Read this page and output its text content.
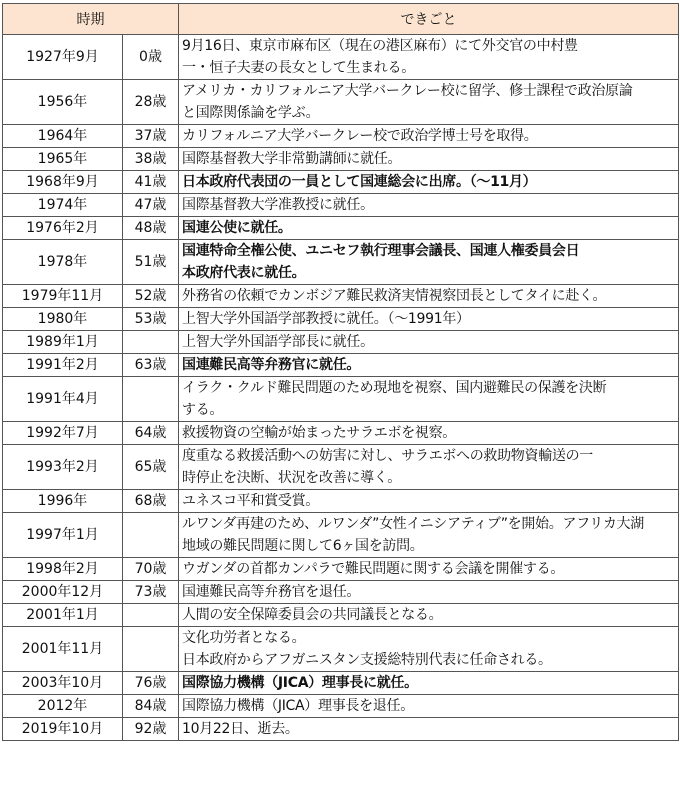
時期		できごと
1927年9月	0歳	9月16日、東京市麻布区（現在の港区麻布）にて外交官の中村豊
一・恒子夫妻の長女として生まれる。

1956年	28歳	アメリカ・カリフォルニア大学バークレー校に留学、修士課程で政治原論
と国際関係論を学ぶ。

1964年	37歳	カリフォルニア大学バークレー校で政治学博士号を取得。

1965年	38歳	国際基督教大学非常勤講師に就任。

1968年9月	41歳	日本政府代表団の一員として国連総会に出席。（～11月）

1974年	47歳	国際基督教大学准教授に就任。

1976年2月	48歳	国連公使に就任。

1978年	51歳	国連特命全権公使、ユニセフ執行理事会議長、国連人権委員会日
本政府代表に就任。

1979年11月	52歳	外務省の依頼でカンボジア難民救済実情視察団長としてタイに赴く。

1980年	53歳	上智大学外国語学部教授に就任。（～1991年）

1989年1月		上智大学外国語学部長に就任。

1991年2月	63歳	国連難民高等弁務官に就任。

1991年4月		イラク・クルド難民問題のため現地を視察、国内避難民の保護を決断
する。

1992年7月	64歳	救援物資の空輸が始まったサラエボを視察。

1993年2月	65歳	度重なる救援活動への妨害に対し、サラエボへの救助物資輸送の一
時停止を決断、状況を改善に導く。

1996年	68歳	ユネスコ平和賞受賞。

1997年1月		ルワンダ再建のため、ルワンダ”女性イニシアティブ”を開始。アフリカ大湖
地域の難民問題に関して6ヶ国を訪問。

1998年2月	70歳	ウガンダの首都カンパラで難民問題に関する会議を開催する。

2000年12月	73歳	国連難民高等弁務官を退任。

2001年1月		人間の安全保障委員会の共同議長となる。

2001年11月		文化功労者となる。
日本政府からアフガニスタン支援総特別代表に任命される。

2003年10月	76歳	国際協力機構（JICA）理事長に就任。

2012年	84歳	国際協力機構（JICA）理事長を退任。

2019年10月	92歳	10月22日、逝去。
